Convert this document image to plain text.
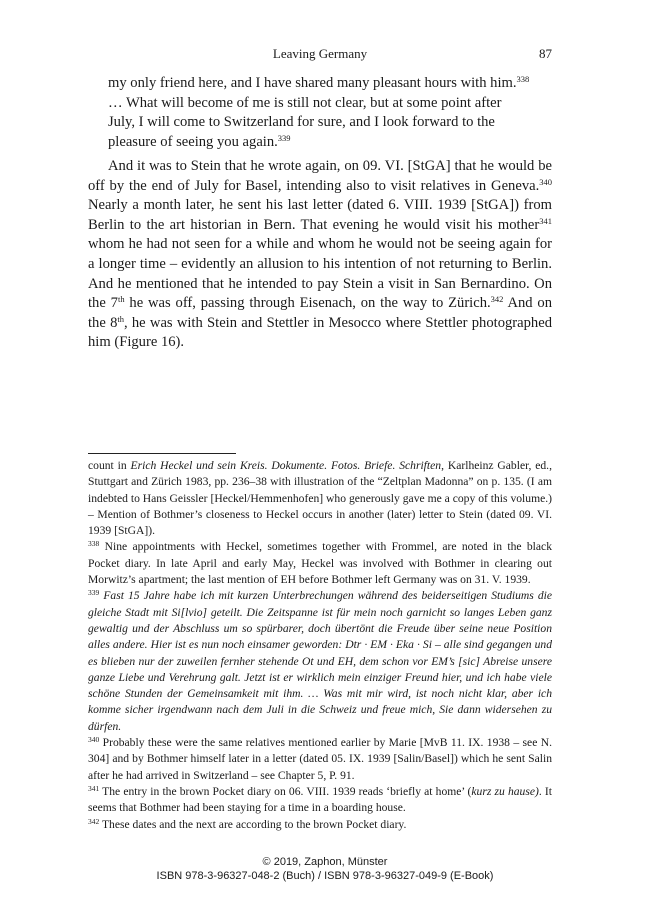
Leaving Germany	87
my only friend here, and I have shared many pleasant hours with him.$^{338}$ … What will become of me is still not clear, but at some point after July, I will come to Switzerland for sure, and I look forward to the pleasure of seeing you again.$^{339}$

And it was to Stein that he wrote again, on 09. VI. [StGA] that he would be off by the end of July for Basel, intending also to visit relatives in Geneva.$^{340}$ Nearly a month later, he sent his last letter (dated 6. VIII. 1939 [StGA]) from Berlin to the art historian in Bern. That evening he would visit his mother$^{341}$ whom he had not seen for a while and whom he would not be seeing again for a longer time – evidently an allusion to his intention of not returning to Berlin. And he mentioned that he intended to pay Stein a visit in San Bernardino. On the 7th he was off, passing through Eisenach, on the way to Zürich.$^{342}$ And on the 8th, he was with Stein and Stettler in Mesocco where Stettler photographed him (Figure 16).

count in Erich Heckel und sein Kreis. Dokumente. Fotos. Briefe. Schriften, Karlheinz Gabler, ed., Stuttgart and Zürich 1983, pp. 236–38 with illustration of the “Zeltplan Madonna” on p. 135. (I am indebted to Hans Geissler [Heckel/Hemmenhofen] who generously gave me a copy of this volume.) – Mention of Bothmer’s closeness to Heckel occurs in another (later) letter to Stein (dated 09. VI. 1939 [StGA]).

$^{338}$ Nine appointments with Heckel, sometimes together with Frommel, are noted in the black Pocket diary. In late April and early May, Heckel was involved with Bothmer in clearing out Morwitz’s apartment; the last mention of EH before Bothmer left Germany was on 31. V. 1939.

$^{339}$ Fast 15 Jahre habe ich mit kurzen Unterbrechungen während des beiderseitigen Studiums die gleiche Stadt mit Si[lvio] geteilt. Die Zeitspanne ist für mein noch garnicht so langes Leben ganz gewaltig und der Abschluss um so spürbarer, doch übertönt die Freude über seine neue Position alles andere. Hier ist es nun noch einsamer geworden: Dtr · EM · Eka · Si – alle sind gegangen und es blieben nur der zuweilen fernher stehende Ot und EH, dem schon vor EM’s [sic] Abreise unsere ganze Liebe und Verehrung galt. Jetzt ist er wirklich mein einziger Freund hier, und ich habe viele schöne Stunden der Gemeinsamkeit mit ihm. … Was mit mir wird, ist noch nicht klar, aber ich komme sicher irgendwann nach dem Juli in die Schweiz und freue mich, Sie dann widersehen zu dürfen.

$^{340}$ Probably these were the same relatives mentioned earlier by Marie [MvB 11. IX. 1938 – see N. 304] and by Bothmer himself later in a letter (dated 05. IX. 1939 [Salin/Basel]) which he sent Salin after he had arrived in Switzerland – see Chapter 5, P. 91.

$^{341}$ The entry in the brown Pocket diary on 06. VIII. 1939 reads ‘briefly at home’ (kurz zu hause). It seems that Bothmer had been staying for a time in a boarding house.

$^{342}$ These dates and the next are according to the brown Pocket diary.

© 2019, Zaphon, Münster
ISBN 978-3-96327-048-2 (Buch) / ISBN 978-3-96327-049-9 (E-Book)
